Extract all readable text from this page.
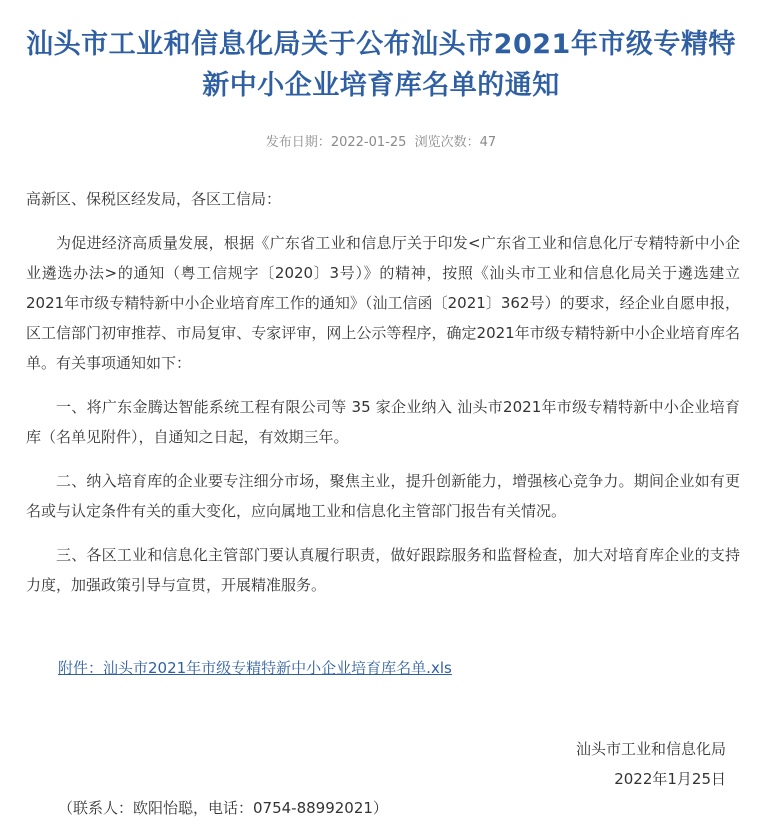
汕头市工业和信息化局关于公布汕头市2021年市级专精特新中小企业培育库名单的通知
发布日期：2022-01-25 浏览次数：47

高新区、保税区经发局，各区工信局：

为促进经济高质量发展，根据《广东省工业和信息厅关于印发<广东省工业和信息化厅专精特新中小企业遴选办法>的通知（粤工信规字〔2020〕3号）》的精神，按照《汕头市工业和信息化局关于遴选建立2021年市级专精特新中小企业培育库工作的通知》（汕工信函〔2021〕362号）的要求，经企业自愿申报，区工信部门初审推荐、市局复审、专家评审，网上公示等程序，确定2021年市级专精特新中小企业培育库名单。有关事项通知如下：

一、将广东金腾达智能系统工程有限公司等 35 家企业纳入 汕头市2021年市级专精特新中小企业培育库（名单见附件），自通知之日起，有效期三年。

二、纳入培育库的企业要专注细分市场，聚焦主业，提升创新能力，增强核心竞争力。期间企业如有更名或与认定条件有关的重大变化，应向属地工业和信息化主管部门报告有关情况。

三、各区工业和信息化主管部门要认真履行职责，做好跟踪服务和监督检查，加大对培育库企业的支持力度，加强政策引导与宣贯，开展精准服务。

附件：汕头市2021年市级专精特新中小企业培育库名单.xls
汕头市工业和信息化局
2022年1月25日
（联系人：欧阳怡聪，电话：0754-88992021）
